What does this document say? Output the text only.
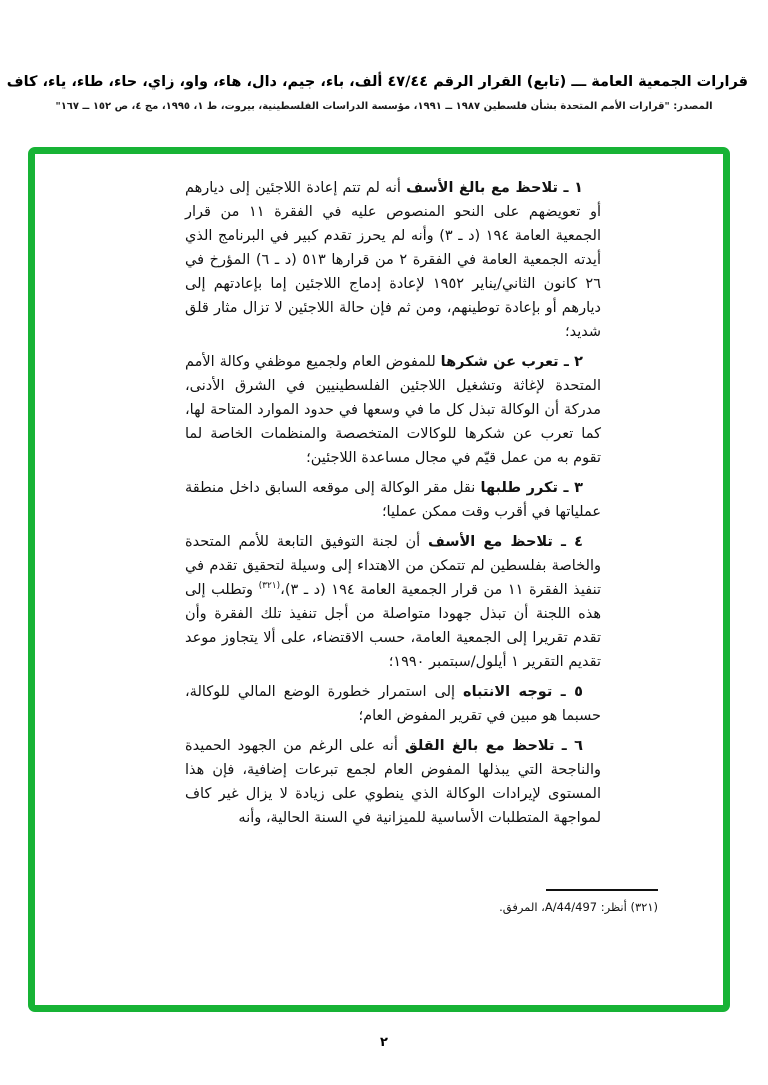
قرارات الجمعية العامة ـــ (تابع) القرار الرقم ٤٧/٤٤ ألف، باء، جيم، دال، هاء، واو، زاي، حاء، طاء، ياء، كاف
المصدر: "قرارات الأمم المتحدة بشأن فلسطين ١٩٨٧ ــ ١٩٩١، مؤسسة الدراسات الفلسطينية، بيروت، ط ١، ١٩٩٥، مج ٤، ص ١٥٢ ــ ١٦٧"

١ ـ تلاحظ مع بالغ الأسف أنه لم تتم إعادة اللاجئين إلى ديارهم أو تعويضهم على النحو المنصوص عليه في الفقرة ١١ من قرار الجمعية العامة ١٩٤ (د ـ ٣) وأنه لم يحرز تقدم كبير في البرنامج الذي أيدته الجمعية العامة في الفقرة ٢ من قرارها ٥١٣ (د ـ ٦) المؤرخ في ٢٦ كانون الثاني/يناير ١٩٥٢ لإعادة إدماج اللاجئين إما بإعادتهم إلى ديارهم أو بإعادة توطينهم، ومن ثم فإن حالة اللاجئين لا تزال مثار قلق شديد؛

٢ ـ تعرب عن شكرها للمفوض العام ولجميع موظفي وكالة الأمم المتحدة لإغاثة وتشغيل اللاجئين الفلسطينيين في الشرق الأدنى، مدركة أن الوكالة تبذل كل ما في وسعها في حدود الموارد المتاحة لها، كما تعرب عن شكرها للوكالات المتخصصة والمنظمات الخاصة لما تقوم به من عمل قيّم في مجال مساعدة اللاجئين؛

٣ ـ تكرر طلبها نقل مقر الوكالة إلى موقعه السابق داخل منطقة عملياتها في أقرب وقت ممكن عمليا؛

٤ ـ تلاحظ مع الأسف أن لجنة التوفيق التابعة للأمم المتحدة والخاصة بفلسطين لم تتمكن من الاهتداء إلى وسيلة لتحقيق تقدم في تنفيذ الفقرة ١١ من قرار الجمعية العامة ١٩٤ (د ـ ٣)،$^{(٣٢١)}$ وتطلب إلى هذه اللجنة أن تبذل جهودا متواصلة من أجل تنفيذ تلك الفقرة وأن تقدم تقريرا إلى الجمعية العامة، حسب الاقتضاء، على ألا يتجاوز موعد تقديم التقرير ١ أيلول/سبتمبر ١٩٩٠؛

٥ ـ توجه الانتباه إلى استمرار خطورة الوضع المالي للوكالة، حسبما هو مبين في تقرير المفوض العام؛

٦ ـ تلاحظ مع بالغ القلق أنه على الرغم من الجهود الحميدة والناجحة التي يبذلها المفوض العام لجمع تبرعات إضافية، فإن هذا المستوى لإيرادات الوكالة الذي ينطوي على زيادة لا يزال غير كاف لمواجهة المتطلبات الأساسية للميزانية في السنة الحالية، وأنه

(٣٢١) أنظر: A/44/497، المرفق.
٢
